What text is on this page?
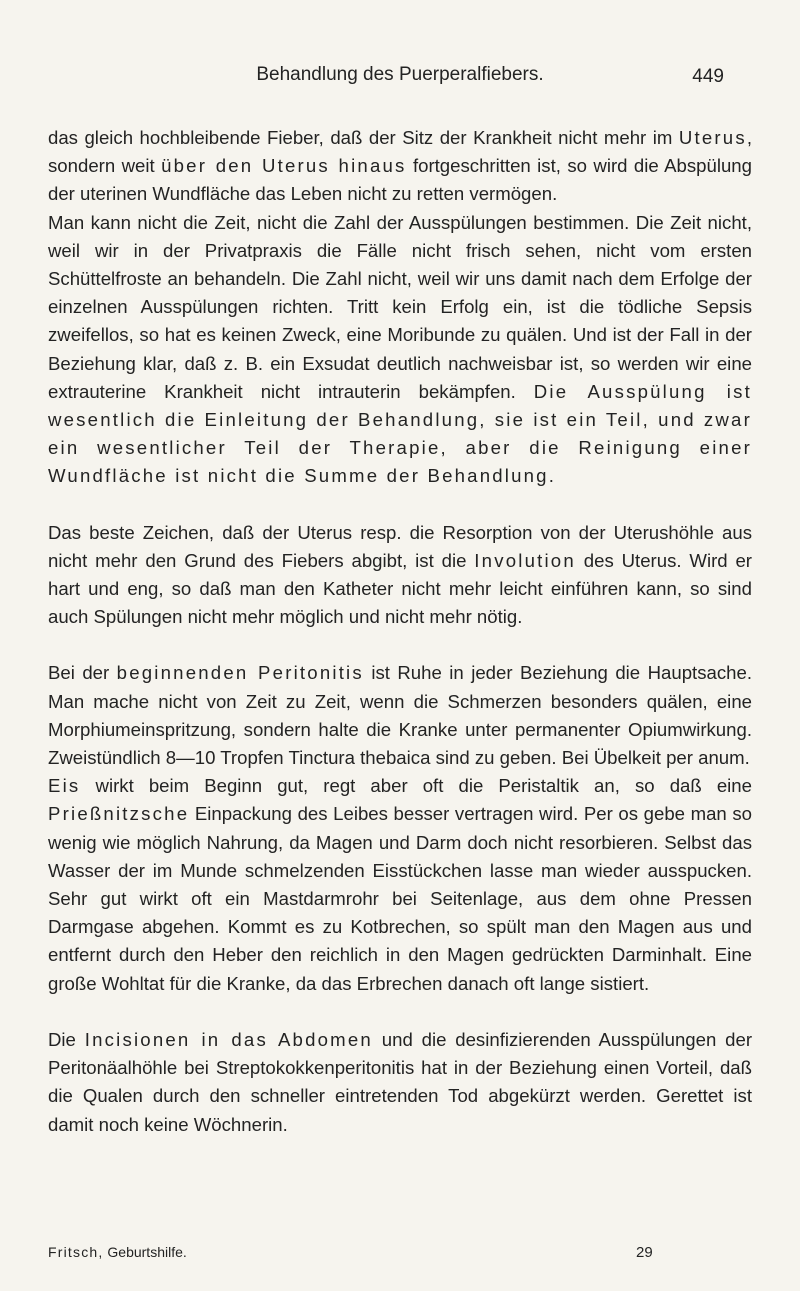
Behandlung des Puerperalfiebers.	449

das gleich hochbleibende Fieber, daß der Sitz der Krankheit nicht mehr im Uterus, sondern weit über den Uterus hinaus fortgeschritten ist, so wird die Abspülung der uterinen Wundfläche das Leben nicht zu retten vermögen.

Man kann nicht die Zeit, nicht die Zahl der Ausspülungen bestimmen. Die Zeit nicht, weil wir in der Privatpraxis die Fälle nicht frisch sehen, nicht vom ersten Schüttelfroste an behandeln. Die Zahl nicht, weil wir uns damit nach dem Erfolge der einzelnen Ausspülungen richten. Tritt kein Erfolg ein, ist die tödliche Sepsis zweifellos, so hat es keinen Zweck, eine Moribunde zu quälen. Und ist der Fall in der Beziehung klar, daß z. B. ein Exsudat deutlich nachweisbar ist, so werden wir eine extrauterine Krankheit nicht intrauterin bekämpfen. Die Ausspülung ist wesentlich die Einleitung der Behandlung, sie ist ein Teil, und zwar ein wesentlicher Teil der Therapie, aber die Reinigung einer Wundfläche ist nicht die Summe der Behandlung.

Das beste Zeichen, daß der Uterus resp. die Resorption von der Uterushöhle aus nicht mehr den Grund des Fiebers abgibt, ist die Involution des Uterus. Wird er hart und eng, so daß man den Katheter nicht mehr leicht einführen kann, so sind auch Spülungen nicht mehr möglich und nicht mehr nötig.

Bei der beginnenden Peritonitis ist Ruhe in jeder Beziehung die Hauptsache. Man mache nicht von Zeit zu Zeit, wenn die Schmerzen besonders quälen, eine Morphiumeinspritzung, sondern halte die Kranke unter permanenter Opiumwirkung. Zweistündlich 8—10 Tropfen Tinctura thebaica sind zu geben. Bei Übelkeit per anum.

Eis wirkt beim Beginn gut, regt aber oft die Peristaltik an, so daß eine Prießnitzsche Einpackung des Leibes besser vertragen wird. Per os gebe man so wenig wie möglich Nahrung, da Magen und Darm doch nicht resorbieren. Selbst das Wasser der im Munde schmelzenden Eisstückchen lasse man wieder ausspucken. Sehr gut wirkt oft ein Mastdarmrohr bei Seitenlage, aus dem ohne Pressen Darmgase abgehen. Kommt es zu Kotbrechen, so spült man den Magen aus und entfernt durch den Heber den reichlich in den Magen gedrückten Darminhalt. Eine große Wohltat für die Kranke, da das Erbrechen danach oft lange sistiert.

Die Incisionen in das Abdomen und die desinfizierenden Ausspülungen der Peritonäalhöhle bei Streptokokkenperitonitis hat in der Beziehung einen Vorteil, daß die Qualen durch den schneller eintretenden Tod abgekürzt werden. Gerettet ist damit noch keine Wöchnerin.

Fritsch, Geburtshilfe.	29
